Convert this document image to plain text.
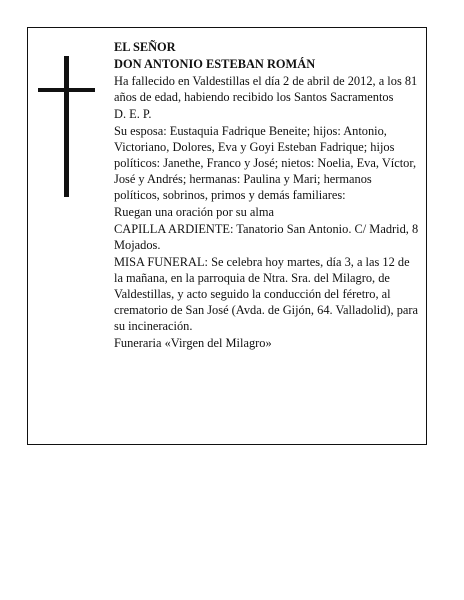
EL SEÑOR

DON ANTONIO ESTEBAN ROMÁN

Ha fallecido en Valdestillas el día 2 de abril de 2012, a los 81 años de edad, habiendo recibido los Santos Sacramentos

D. E. P.

Su esposa: Eustaquia Fadrique Beneite; hijos: Antonio, Victoriano, Dolores, Eva y Goyi Esteban Fadrique; hijos políticos: Janethe, Franco y José; nietos: Noelia, Eva, Víctor, José y Andrés; hermanas: Paulina y Mari; hermanos políticos, sobrinos, primos y demás familiares:

Ruegan una oración por su alma

CAPILLA ARDIENTE: Tanatorio San Antonio. C/ Madrid, 8 Mojados.

MISA FUNERAL: Se celebra hoy martes, día 3, a las 12 de la mañana, en la parroquia de Ntra. Sra. del Milagro, de Valdestillas, y acto seguido la conducción del féretro, al crematorio de San José (Avda. de Gijón, 64. Valladolid), para su incineración.

Funeraria «Virgen del Milagro»
